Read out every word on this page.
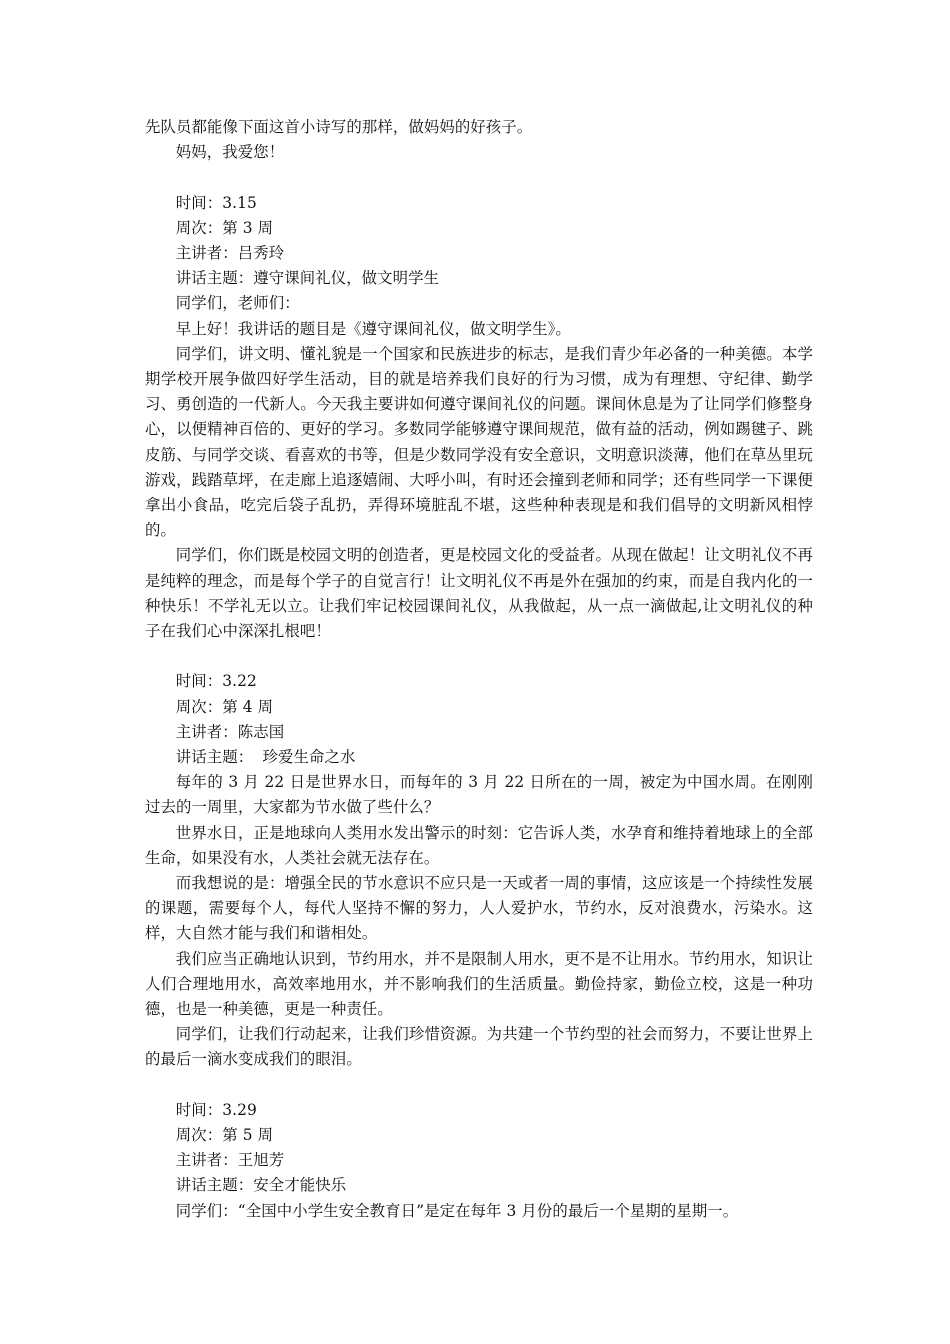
先队员都能像下面这首小诗写的那样，做妈妈的好孩子。

妈妈，我爱您！

时间：3.15

周次：第 3 周

主讲者：吕秀玲

讲话主题：遵守课间礼仪，做文明学生

同学们，老师们：

早上好！我讲话的题目是《遵守课间礼仪，做文明学生》。

同学们，讲文明、懂礼貌是一个国家和民族进步的标志，是我们青少年必备的一种美德。本学期学校开展争做四好学生活动，目的就是培养我们良好的行为习惯，成为有理想、守纪律、勤学习、勇创造的一代新人。今天我主要讲如何遵守课间礼仪的问题。课间休息是为了让同学们修整身心，以便精神百倍的、更好的学习。多数同学能够遵守课间规范，做有益的活动，例如踢毽子、跳皮筋、与同学交谈、看喜欢的书等，但是少数同学没有安全意识，文明意识淡薄，他们在草丛里玩游戏，践踏草坪，在走廊上追逐嬉闹、大呼小叫，有时还会撞到老师和同学；还有些同学一下课便拿出小食品，吃完后袋子乱扔，弄得环境脏乱不堪，这些种种表现是和我们倡导的文明新风相悖的。

同学们，你们既是校园文明的创造者，更是校园文化的受益者。从现在做起！让文明礼仪不再是纯粹的理念，而是每个学子的自觉言行！让文明礼仪不再是外在强加的约束，而是自我内化的一种快乐！不学礼无以立。让我们牢记校园课间礼仪，从我做起，从一点一滴做起,让文明礼仪的种子在我们心中深深扎根吧！

时间：3.22

周次：第 4 周

主讲者：陈志国

讲话主题： 珍爱生命之水

每年的 3 月 22 日是世界水日，而每年的 3 月 22 日所在的一周，被定为中国水周。在刚刚过去的一周里，大家都为节水做了些什么？

世界水日，正是地球向人类用水发出警示的时刻：它告诉人类，水孕育和维持着地球上的全部生命，如果没有水，人类社会就无法存在。

而我想说的是：增强全民的节水意识不应只是一天或者一周的事情，这应该是一个持续性发展的课题，需要每个人，每代人坚持不懈的努力，人人爱护水，节约水，反对浪费水，污染水。这样，大自然才能与我们和谐相处。

我们应当正确地认识到，节约用水，并不是限制人用水，更不是不让用水。节约用水，知识让人们合理地用水，高效率地用水，并不影响我们的生活质量。勤俭持家，勤俭立校，这是一种功德，也是一种美德，更是一种责任。

同学们，让我们行动起来，让我们珍惜资源。为共建一个节约型的社会而努力，不要让世界上的最后一滴水变成我们的眼泪。

时间：3.29

周次：第 5 周

主讲者：王旭芳

讲话主题：安全才能快乐

同学们：“全国中小学生安全教育日”是定在每年 3 月份的最后一个星期的星期一。
